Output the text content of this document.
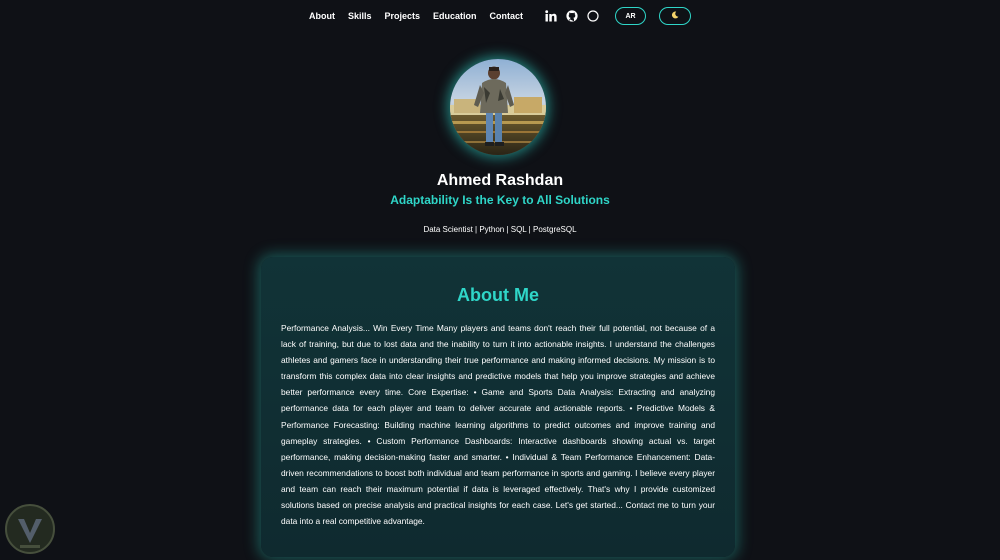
About Skills Projects Education Contact	AR
Ahmed Rashdan
Adaptability Is the Key to All Solutions
Data Scientist | Python | SQL | PostgreSQL
About Me

Performance Analysis... Win Every Time Many players and teams don't reach their full potential, not because of a lack of training, but due to lost data and the inability to turn it into actionable insights. I understand the challenges athletes and gamers face in understanding their true performance and making informed decisions. My mission is to transform this complex data into clear insights and predictive models that help you improve strategies and achieve better performance every time. Core Expertise: • Game and Sports Data Analysis: Extracting and analyzing performance data for each player and team to deliver accurate and actionable reports. • Predictive Models & Performance Forecasting: Building machine learning algorithms to predict outcomes and improve training and gameplay strategies. • Custom Performance Dashboards: Interactive dashboards showing actual vs. target performance, making decision-making faster and smarter. • Individual & Team Performance Enhancement: Data-driven recommendations to boost both individual and team performance in sports and gaming. I believe every player and team can reach their maximum potential if data is leveraged effectively. That's why I provide customized solutions based on precise analysis and practical insights for each case. Let's get started... Contact me to turn your data into a real competitive advantage.
